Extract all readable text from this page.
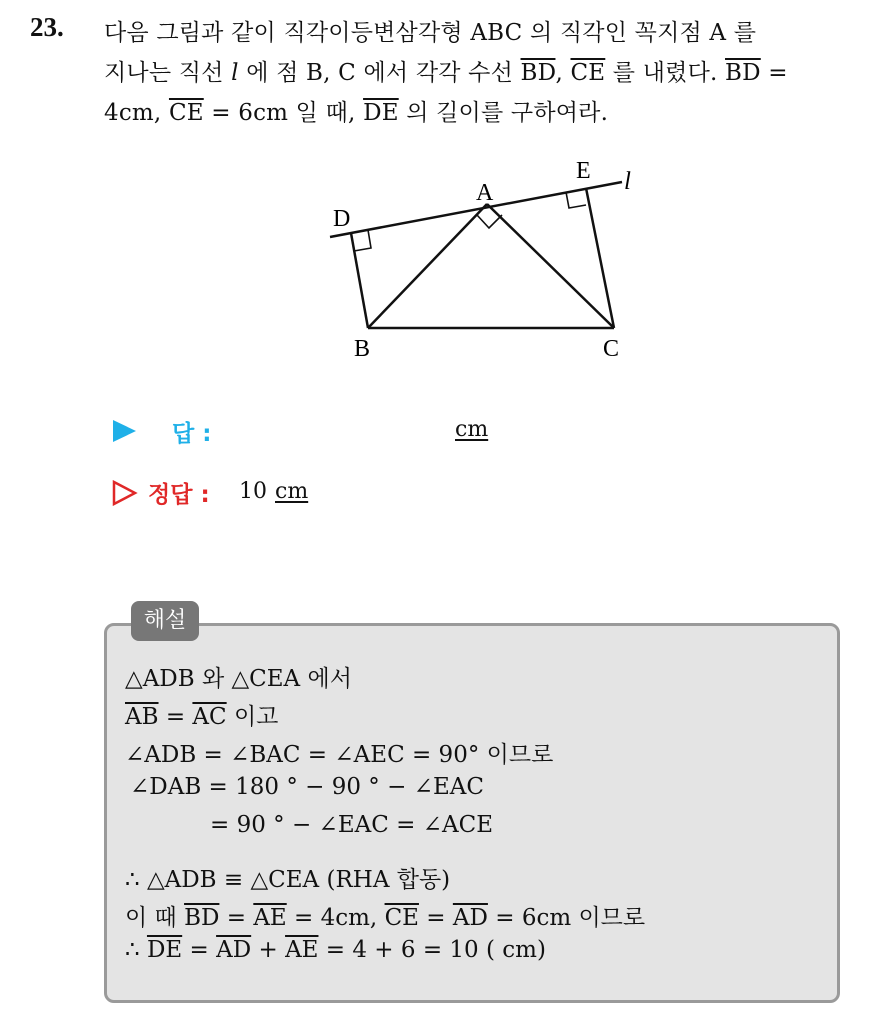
23. 다음 그림과 같이 직각이등변삼각형 ABC 의 직각인 꼭지점 A 를
지나는 직선 l 에 점 B, C 에서 각각 수선 $\overline{BD}$, $\overline{CE}$ 를 내렸다. $\overline{BD}$ =
4cm, $\overline{CE} = 6cm$ 일 때, $\overline{DE}$ 의 길이를 구하여라.
A
B	C
D
E l
답 :	cm
정답 : 10 cm
해설
△ADB 와 △CEA 에서
$\overline{AB} = \overline{AC}$ 이고
∠ADB = ∠BAC = ∠AEC = 90° 이므로
∠DAB = 180 ° − 90 ° − ∠EAC
= 90 ° − ∠EAC = ∠ACE
∴ △ADB ≡ △CEA (RHA 합동)
이 때 $\overline{BD} = \overline{AE} = 4cm$, $\overline{CE} = \overline{AD} = 6cm$ 이므로
∴ $\overline{DE} = \overline{AD} + \overline{AE} = 4 + 6 = 10$ ( cm)
